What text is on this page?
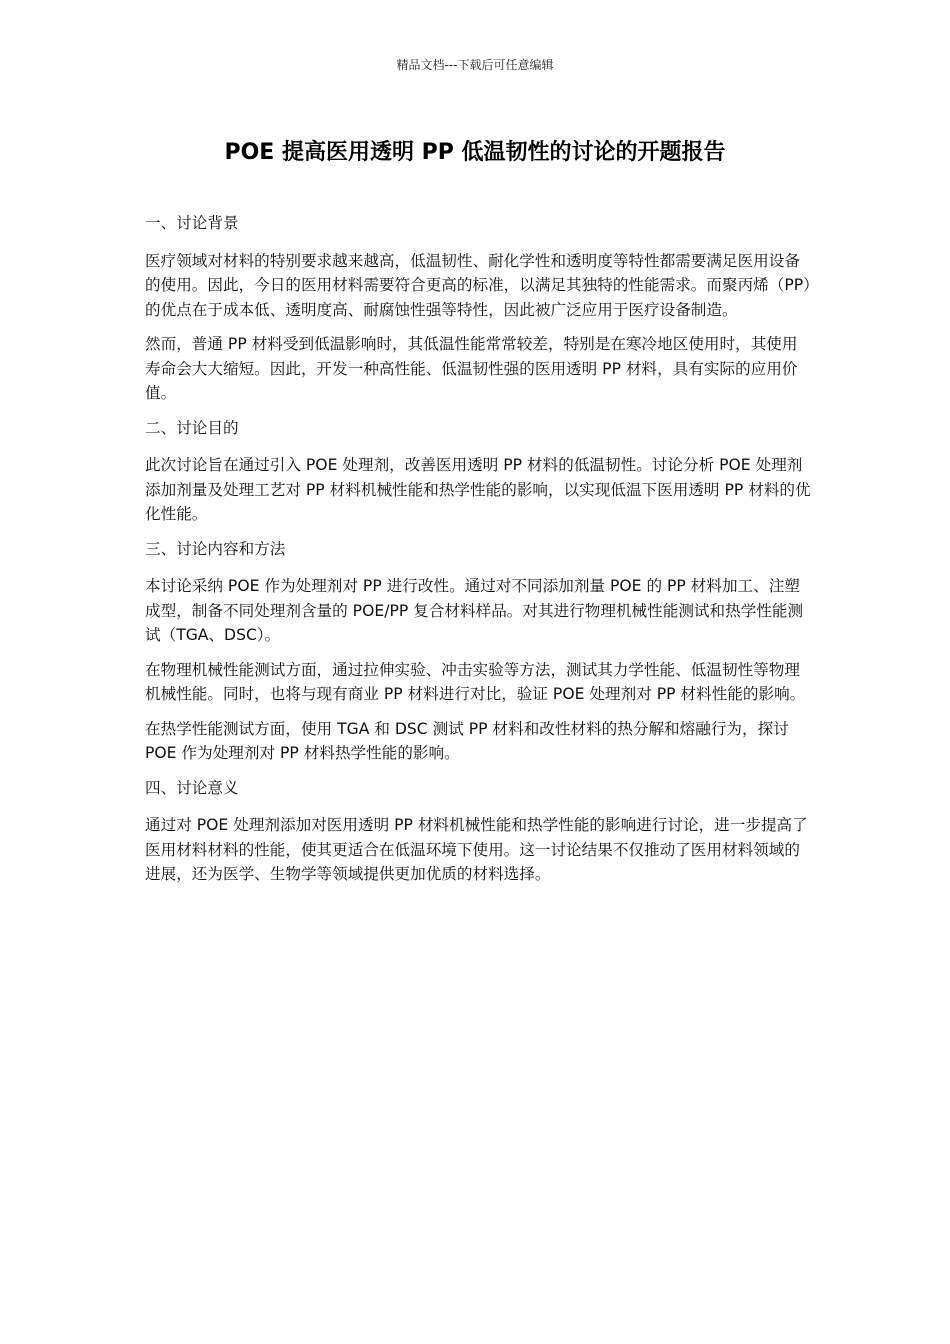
精品文档---下载后可任意编辑
POE 提高医用透明 PP 低温韧性的讨论的开题报告
一、讨论背景

医疗领域对材料的特别要求越来越高，低温韧性、耐化学性和透明度等特性都需要满足医用设备的使用。因此，今日的医用材料需要符合更高的标准，以满足其独特的性能需求。而聚丙烯（PP）的优点在于成本低、透明度高、耐腐蚀性强等特性，因此被广泛应用于医疗设备制造。

然而，普通 PP 材料受到低温影响时，其低温性能常常较差，特别是在寒冷地区使用时，其使用寿命会大大缩短。因此，开发一种高性能、低温韧性强的医用透明 PP 材料，具有实际的应用价值。

二、讨论目的

此次讨论旨在通过引入 POE 处理剂，改善医用透明 PP 材料的低温韧性。讨论分析 POE 处理剂添加剂量及处理工艺对 PP 材料机械性能和热学性能的影响，以实现低温下医用透明 PP 材料的优化性能。

三、讨论内容和方法

本讨论采纳 POE 作为处理剂对 PP 进行改性。通过对不同添加剂量 POE 的 PP 材料加工、注塑成型，制备不同处理剂含量的 POE/PP 复合材料样品。对其进行物理机械性能测试和热学性能测试（TGA、DSC）。

在物理机械性能测试方面，通过拉伸实验、冲击实验等方法，测试其力学性能、低温韧性等物理机械性能。同时，也将与现有商业 PP 材料进行对比，验证 POE 处理剂对 PP 材料性能的影响。

在热学性能测试方面，使用 TGA 和 DSC 测试 PP 材料和改性材料的热分解和熔融行为，探讨 POE 作为处理剂对 PP 材料热学性能的影响。

四、讨论意义

通过对 POE 处理剂添加对医用透明 PP 材料机械性能和热学性能的影响进行讨论，进一步提高了医用材料材料的性能，使其更适合在低温环境下使用。这一讨论结果不仅推动了医用材料领域的进展，还为医学、生物学等领域提供更加优质的材料选择。
